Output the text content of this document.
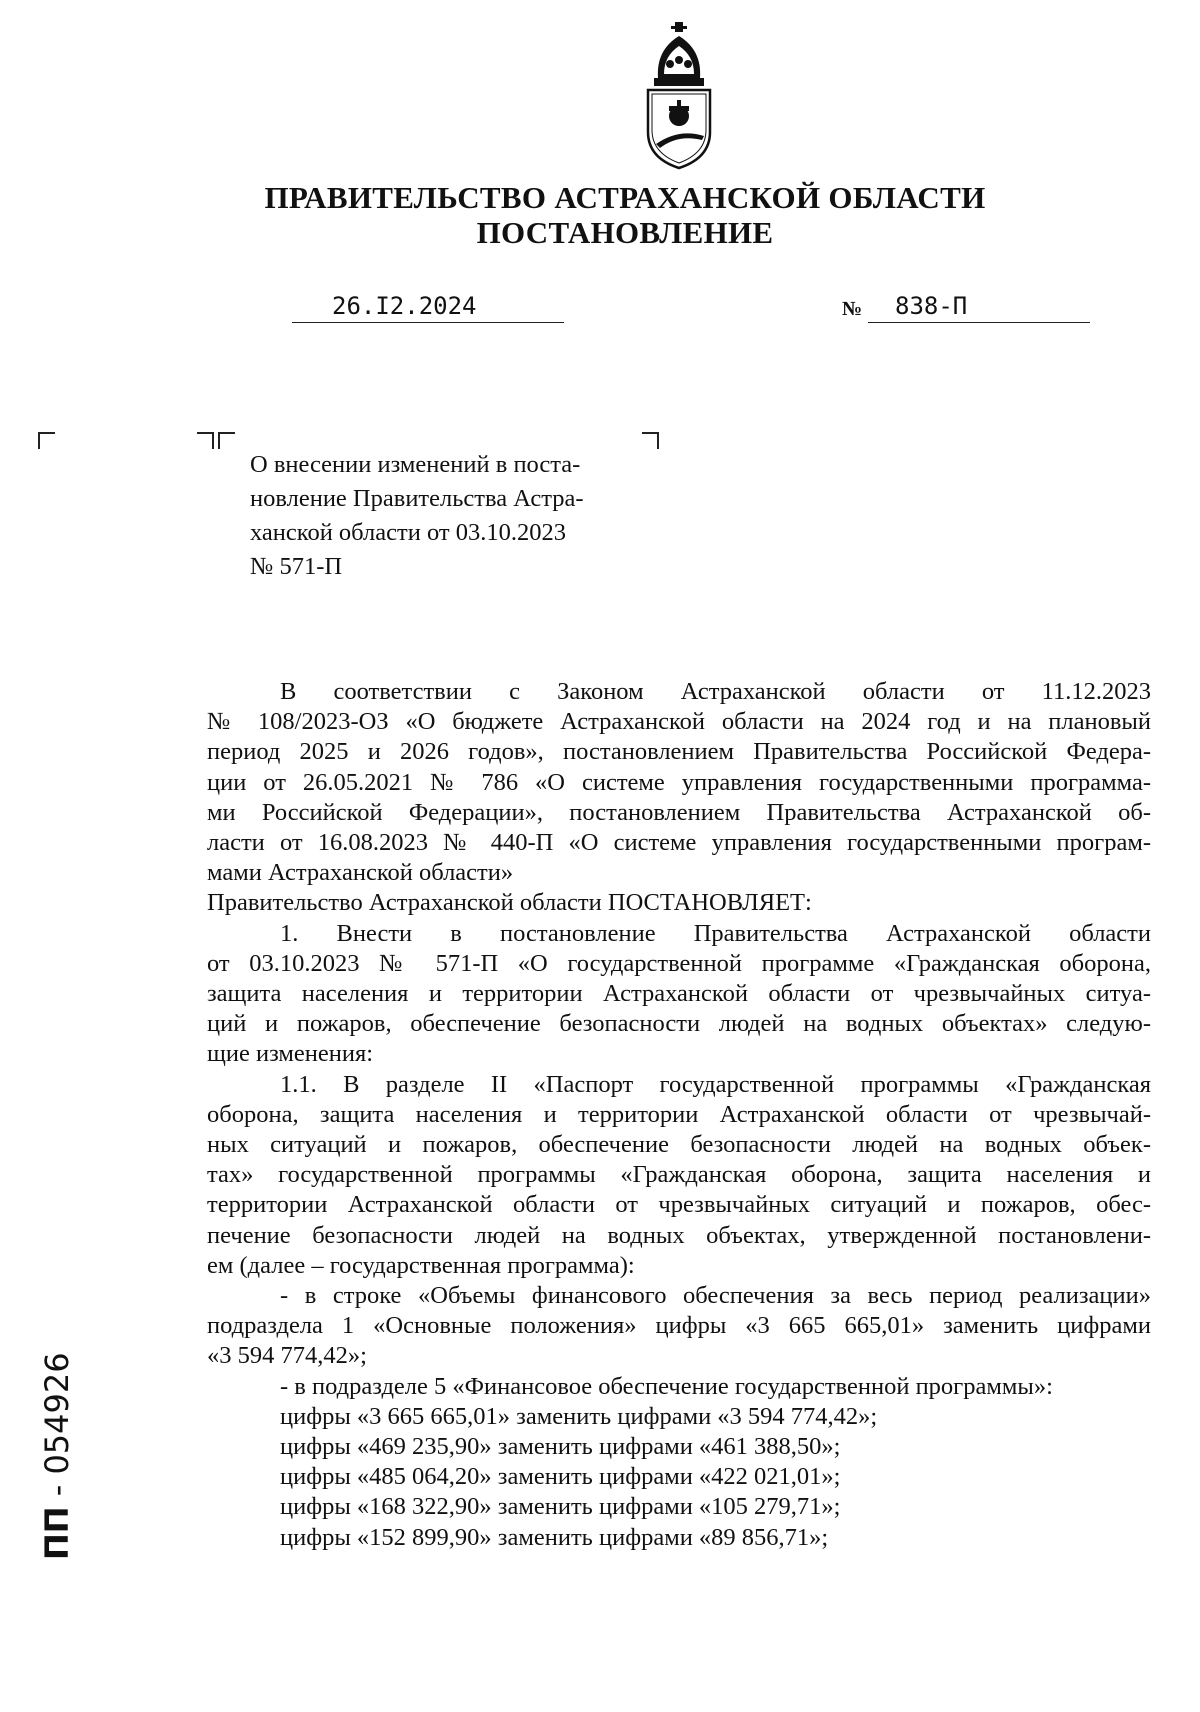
ПРАВИТЕЛЬСТВО АСТРАХАНСКОЙ ОБЛАСТИ
ПОСТАНОВЛЕНИЕ
26.I2.2024	№ 838-П
О внесении изменений в поста-
новление Правительства Астра-
ханской области от 03.10.2023
№ 571-П
В соответствии с Законом Астраханской области от 11.12.2023
№ 108/2023-ОЗ «О бюджете Астраханской области на 2024 год и на плановый
период 2025 и 2026 годов», постановлением Правительства Российской Федера-
ции от 26.05.2021 № 786 «О системе управления государственными программа-
ми Российской Федерации», постановлением Правительства Астраханской об-
ласти от 16.08.2023 № 440-П «О системе управления государственными програм-
мами Астраханской области»
Правительство Астраханской области ПОСТАНОВЛЯЕТ:
1. Внести в постановление Правительства Астраханской области
от 03.10.2023 № 571-П «О государственной программе «Гражданская оборона,
защита населения и территории Астраханской области от чрезвычайных ситуа-
ций и пожаров, обеспечение безопасности людей на водных объектах» следую-
щие изменения:
1.1. В разделе II «Паспорт государственной программы «Гражданская
оборона, защита населения и территории Астраханской области от чрезвычай-
ных ситуаций и пожаров, обеспечение безопасности людей на водных объек-
тах» государственной программы «Гражданская оборона, защита населения и
территории Астраханской области от чрезвычайных ситуаций и пожаров, обес-
печение безопасности людей на водных объектах, утвержденной постановлени-
ем (далее – государственная программа):
- в строке «Объемы финансового обеспечения за весь период реализации»
подраздела 1 «Основные положения» цифры «3 665 665,01» заменить цифрами
«3 594 774,42»;
- в подразделе 5 «Финансовое обеспечение государственной программы»:
цифры «3 665 665,01» заменить цифрами «3 594 774,42»;
цифры «469 235,90» заменить цифрами «461 388,50»;
цифры «485 064,20» заменить цифрами «422 021,01»;
цифры «168 322,90» заменить цифрами «105 279,71»;
цифры «152 899,90» заменить цифрами «89 856,71»;
ПП - 054926
